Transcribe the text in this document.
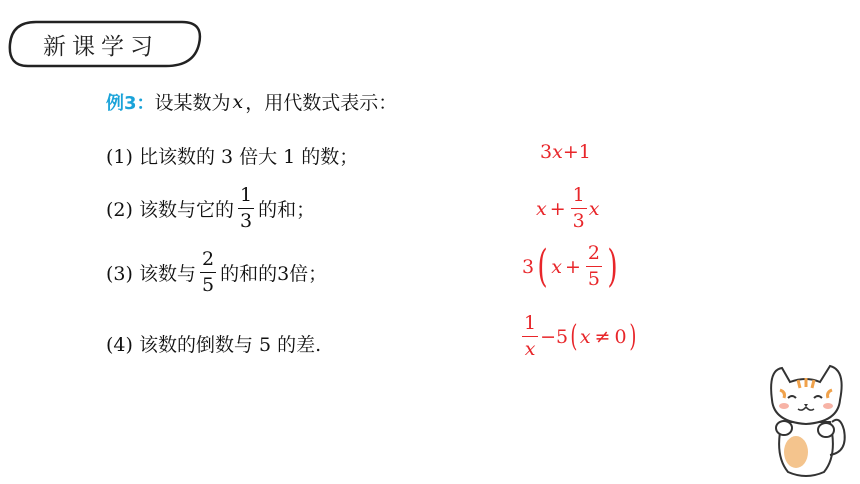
新课学习
例3 ： 设某数为 x ，用代数式表示：
(1) 比该数的 3 倍大 1 的数；
(2) 该数与它的 $\frac{1}{3}$ 的和；
(3) 该数与 $\frac{2}{5}$ 的和的3倍；
(4) 该数的倒数与 5 的差.
3 x +1
$x + \frac{1}{3}$ x
3 ( $x + \frac{2}{5}$ )
$\frac{1}{x} -5$ ( x ≠ 0 )
